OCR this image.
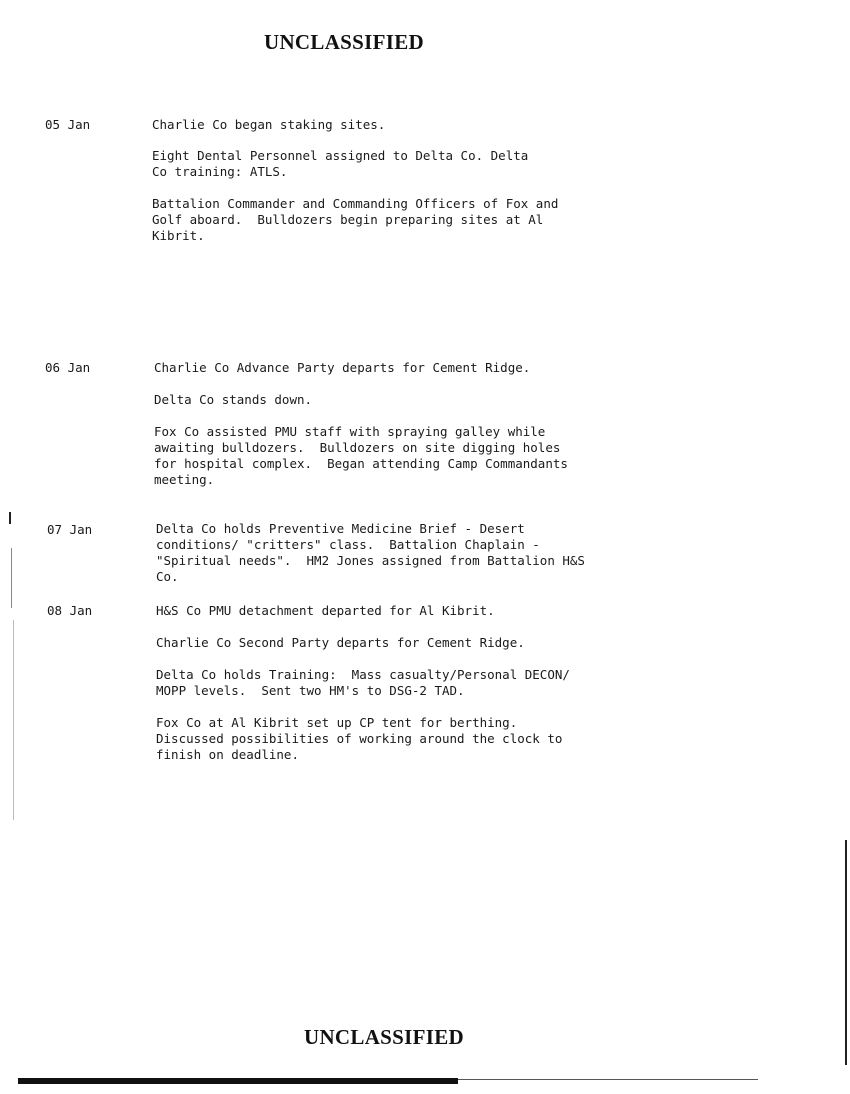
UNCLASSIFIED
05 Jan	Charlie Co began staking sites.
Eight Dental Personnel assigned to Delta Co. Delta
Co training: ATLS.
Battalion Commander and Commanding Officers of Fox and
Golf aboard.  Bulldozers begin preparing sites at Al
Kibrit.
06 Jan	Charlie Co Advance Party departs for Cement Ridge.
Delta Co stands down.
Fox Co assisted PMU staff with spraying galley while
awaiting bulldozers.  Bulldozers on site digging holes
for hospital complex.  Began attending Camp Commandants
meeting.
07 Jan	Delta Co holds Preventive Medicine Brief - Desert
conditions/ "critters" class.  Battalion Chaplain -
"Spiritual needs".  HM2 Jones assigned from Battalion H&S
Co.
08 Jan	H&S Co PMU detachment departed for Al Kibrit.
Charlie Co Second Party departs for Cement Ridge.
Delta Co holds Training:  Mass casualty/Personal DECON/
MOPP levels.  Sent two HM's to DSG-2 TAD.
Fox Co at Al Kibrit set up CP tent for berthing.
Discussed possibilities of working around the clock to
finish on deadline.
UNCLASSIFIED
